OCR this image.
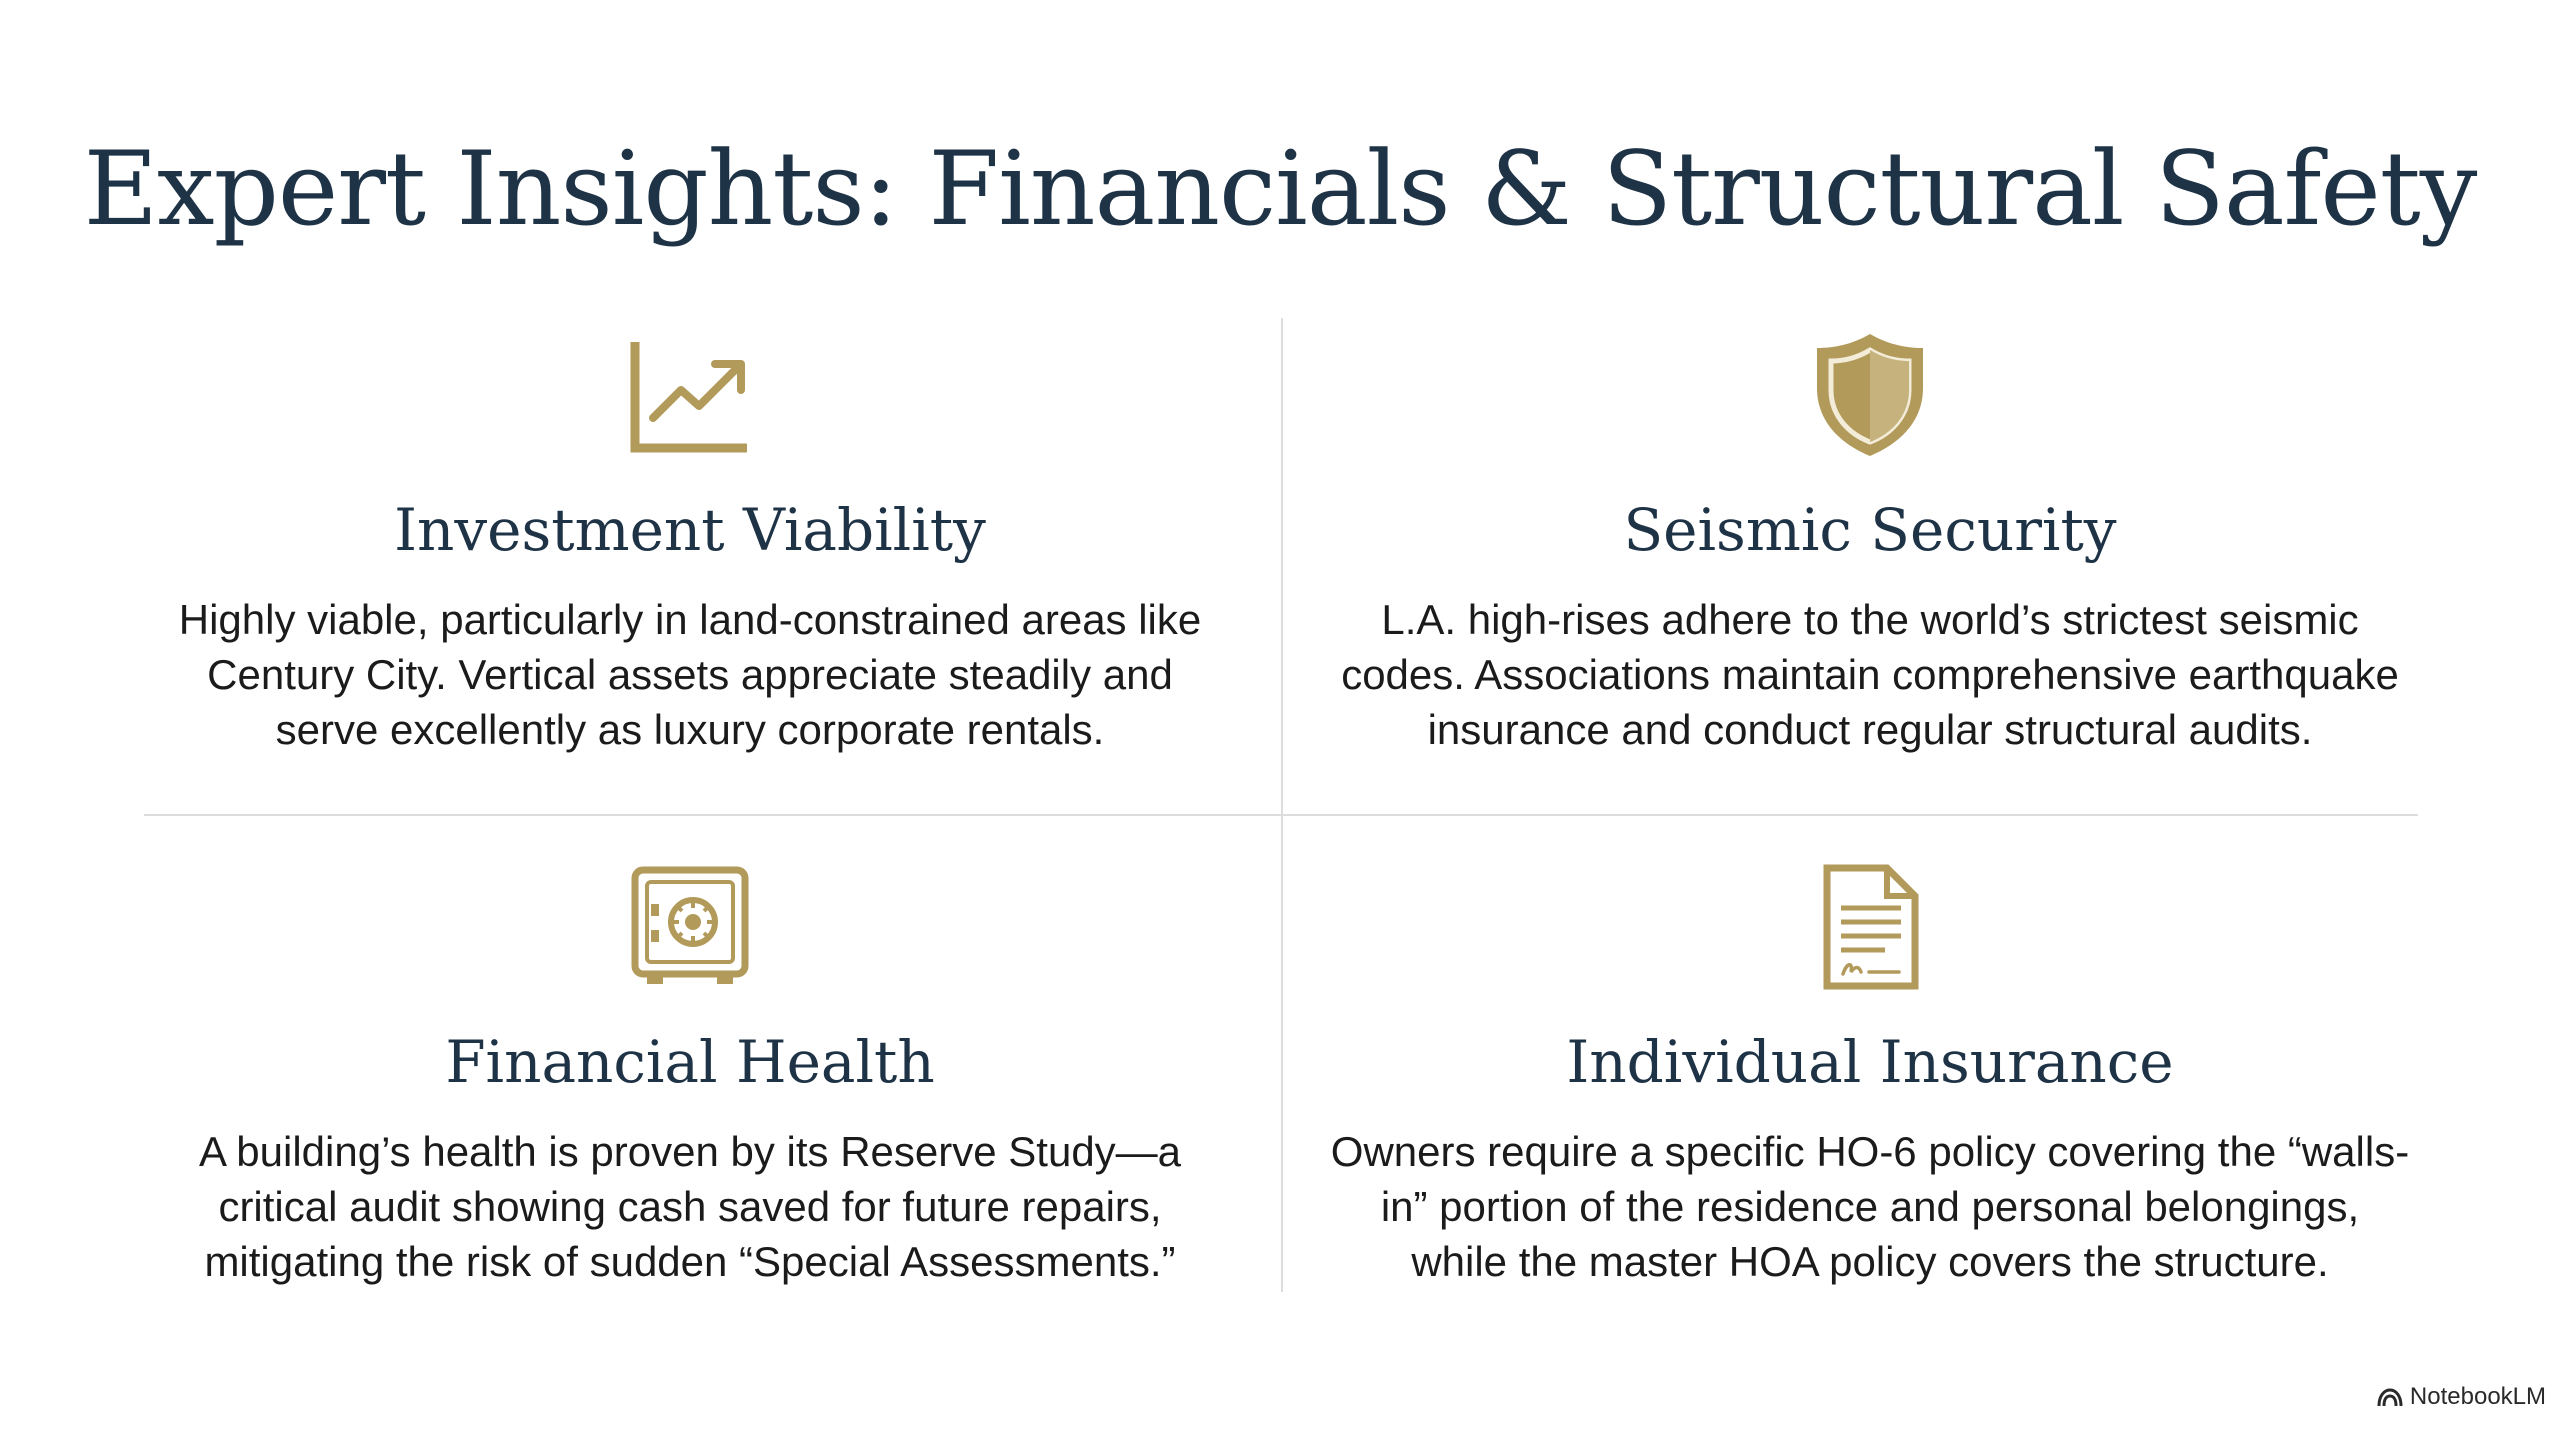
Expert Insights: Financials & Structural Safety
Investment Viability
Highly viable, particularly in land-constrained areas like
Century City. Vertical assets appreciate steadily and
serve excellently as luxury corporate rentals.
Seismic Security
L.A. high-rises adhere to the world’s strictest seismic
codes. Associations maintain comprehensive earthquake
insurance and conduct regular structural audits.
Financial Health
A building’s health is proven by its Reserve Study—a
critical audit showing cash saved for future repairs,
mitigating the risk of sudden “Special Assessments.”
Individual Insurance
Owners require a specific HO-6 policy covering the “walls-
in” portion of the residence and personal belongings,
while the master HOA policy covers the structure.
NotebookLM
